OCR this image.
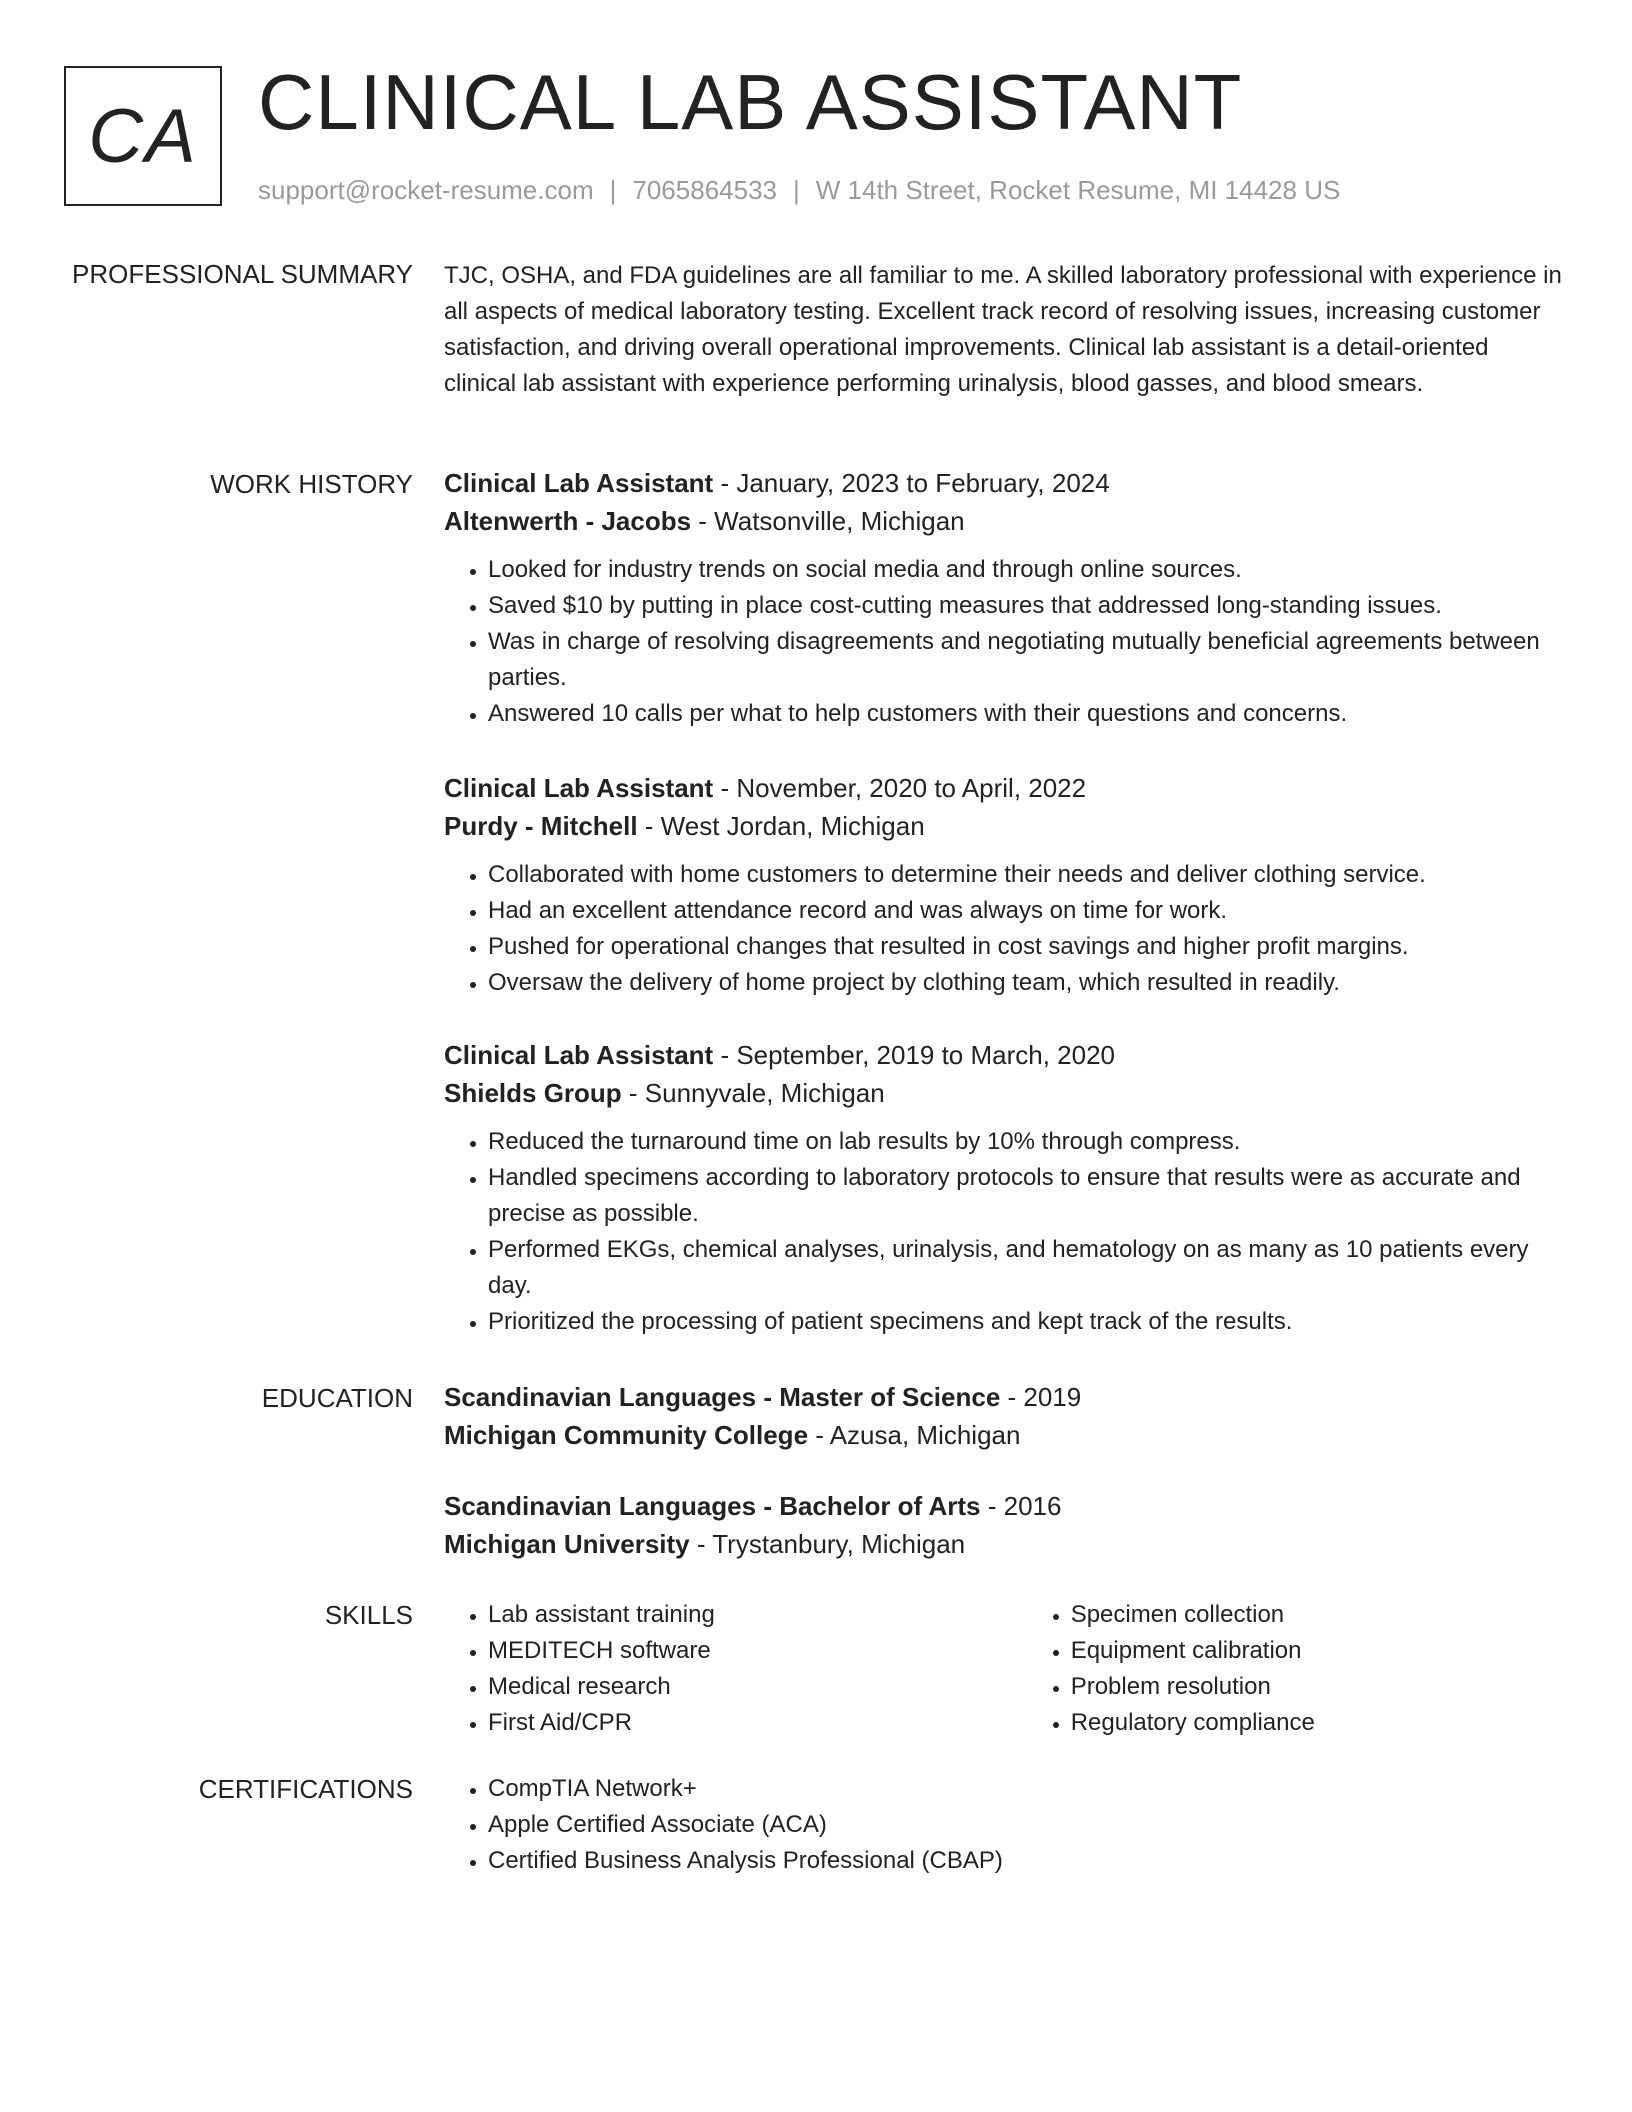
CA CLINICAL LAB ASSISTANT
support@rocket-resume.com | 7065864533 | W 14th Street, Rocket Resume, MI 14428 US
PROFESSIONAL SUMMARY TJC, OSHA, and FDA guidelines are all familiar to me. A skilled laboratory professional with experience in all aspects of medical laboratory testing. Excellent track record of resolving issues, increasing customer satisfaction, and driving overall operational improvements. Clinical lab assistant is a detail-oriented clinical lab assistant with experience performing urinalysis, blood gasses, and blood smears.
WORK HISTORY Clinical Lab Assistant - January, 2023 to February, 2024
Altenwerth - Jacobs - Watsonville, Michigan
• Looked for industry trends on social media and through online sources.
• Saved $10 by putting in place cost-cutting measures that addressed long-standing issues.
• Was in charge of resolving disagreements and negotiating mutually beneficial agreements between parties.
• Answered 10 calls per what to help customers with their questions and concerns.
Clinical Lab Assistant - November, 2020 to April, 2022
Purdy - Mitchell - West Jordan, Michigan
• Collaborated with home customers to determine their needs and deliver clothing service.
• Had an excellent attendance record and was always on time for work.
• Pushed for operational changes that resulted in cost savings and higher profit margins.
• Oversaw the delivery of home project by clothing team, which resulted in readily.
Clinical Lab Assistant - September, 2019 to March, 2020
Shields Group - Sunnyvale, Michigan
• Reduced the turnaround time on lab results by 10% through compress.
• Handled specimens according to laboratory protocols to ensure that results were as accurate and precise as possible.
• Performed EKGs, chemical analyses, urinalysis, and hematology on as many as 10 patients every day.
• Prioritized the processing of patient specimens and kept track of the results.
EDUCATION Scandinavian Languages - Master of Science - 2019
Michigan Community College - Azusa, Michigan
Scandinavian Languages - Bachelor of Arts - 2016
Michigan University - Trystanbury, Michigan
SKILLS	• Lab assistant training
• MEDITECH software
• Medical research
• First Aid/CPR
• Specimen collection
• Equipment calibration
• Problem resolution
• Regulatory compliance
CERTIFICATIONS	• CompTIA Network+
• Apple Certified Associate (ACA)
• Certified Business Analysis Professional (CBAP)
